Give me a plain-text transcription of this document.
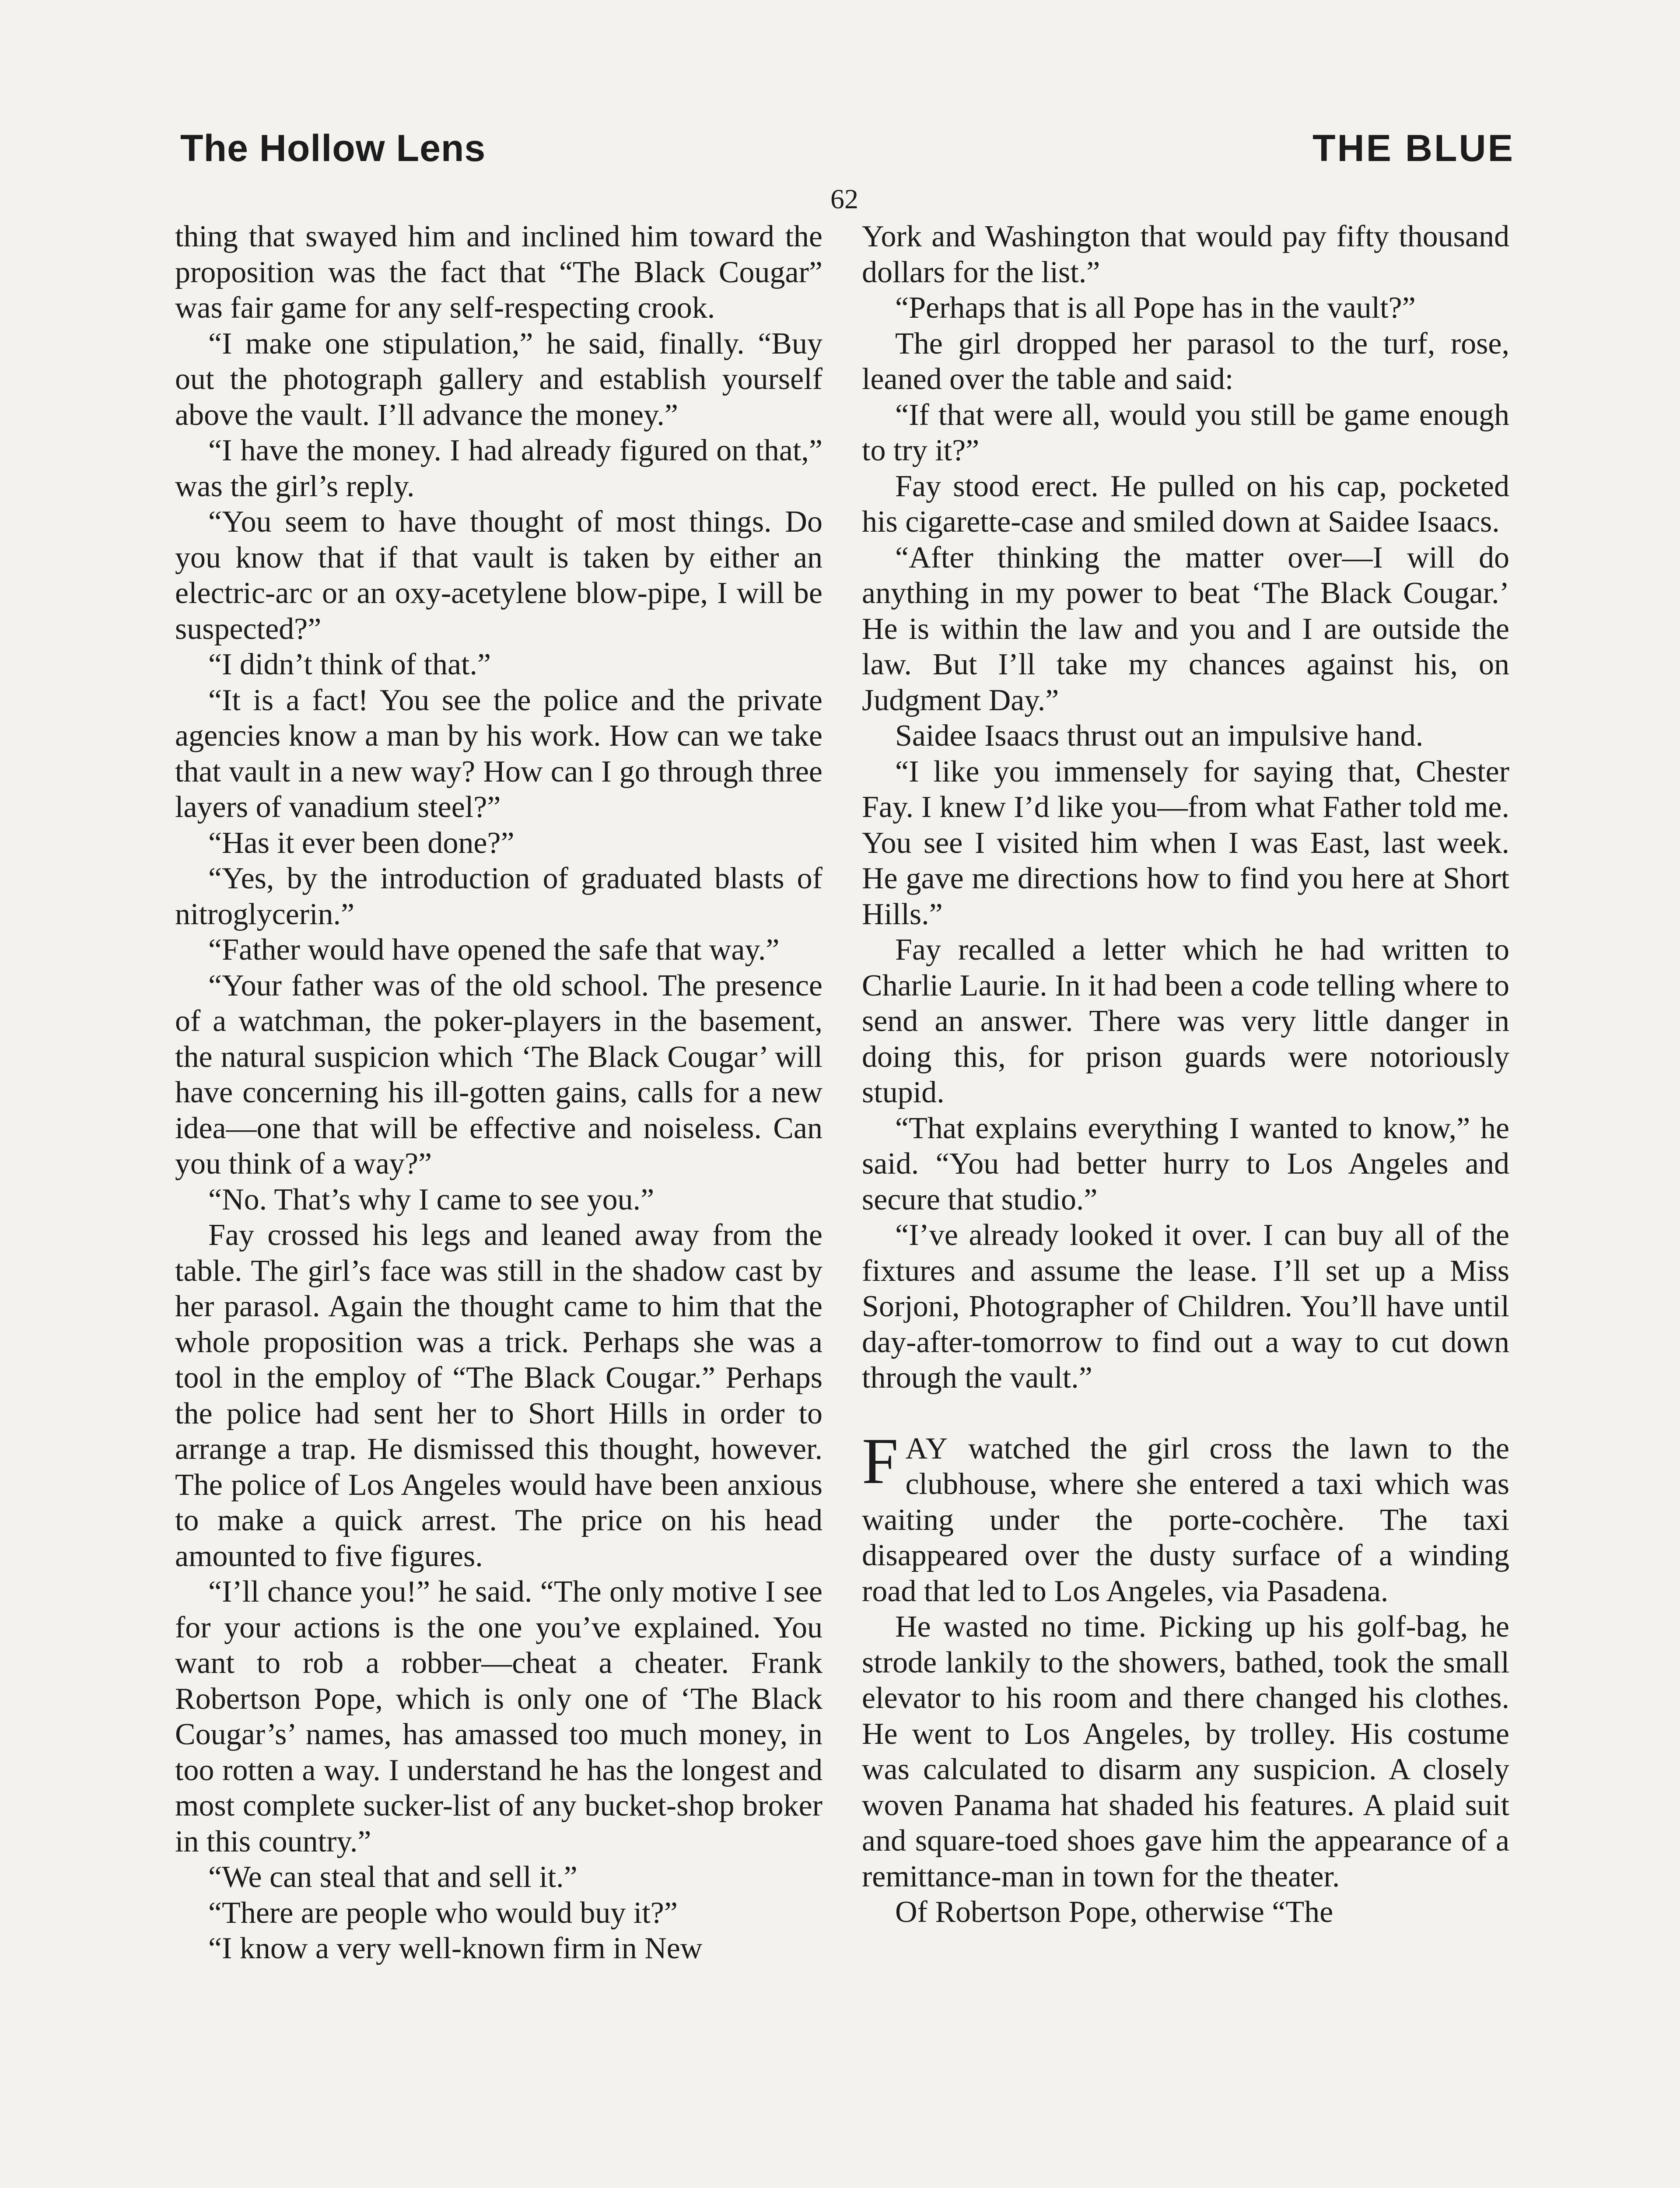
The Hollow Lens	THE BLUE
62

thing that swayed him and inclined him toward the proposition was the fact that “The Black Cougar” was fair game for any self-respecting crook.

“I make one stipulation,” he said, finally. “Buy out the photograph gallery and establish yourself above the vault. I’ll advance the money.”

“I have the money. I had already figured on that,” was the girl’s reply.

“You seem to have thought of most things. Do you know that if that vault is taken by either an electric-arc or an oxy-acetylene blow-pipe, I will be suspected?”

“I didn’t think of that.”

“It is a fact! You see the police and the private agencies know a man by his work. How can we take that vault in a new way? How can I go through three layers of vanadium steel?”

“Has it ever been done?”

“Yes, by the introduction of graduated blasts of nitroglycerin.”

“Father would have opened the safe that way.”

“Your father was of the old school. The presence of a watchman, the poker-players in the basement, the natural suspicion which ‘The Black Cougar’ will have concerning his ill-gotten gains, calls for a new idea—one that will be effective and noiseless. Can you think of a way?”

“No. That’s why I came to see you.”

Fay crossed his legs and leaned away from the table. The girl’s face was still in the shadow cast by her parasol. Again the thought came to him that the whole proposition was a trick. Perhaps she was a tool in the employ of “The Black Cougar.” Perhaps the police had sent her to Short Hills in order to arrange a trap. He dismissed this thought, however. The police of Los Angeles would have been anxious to make a quick arrest. The price on his head amounted to five figures.

“I’ll chance you!” he said. “The only motive I see for your actions is the one you’ve explained. You want to rob a robber—cheat a cheater. Frank Robertson Pope, which is only one of ‘The Black Cougar’s’ names, has amassed too much money, in too rotten a way. I understand he has the longest and most complete sucker-list of any bucket-shop broker in this country.”

“We can steal that and sell it.”

“There are people who would buy it?”

“I know a very well-known firm in New

York and Washington that would pay fifty thousand dollars for the list.”

“Perhaps that is all Pope has in the vault?”

The girl dropped her parasol to the turf, rose, leaned over the table and said:

“If that were all, would you still be game enough to try it?”

Fay stood erect. He pulled on his cap, pocketed his cigarette-case and smiled down at Saidee Isaacs.

“After thinking the matter over—I will do anything in my power to beat ‘The Black Cougar.’ He is within the law and you and I are outside the law. But I’ll take my chances against his, on Judgment Day.”

Saidee Isaacs thrust out an impulsive hand.

“I like you immensely for saying that, Chester Fay. I knew I’d like you—from what Father told me. You see I visited him when I was East, last week. He gave me directions how to find you here at Short Hills.”

Fay recalled a letter which he had written to Charlie Laurie. In it had been a code telling where to send an answer. There was very little danger in doing this, for prison guards were notoriously stupid.

“That explains everything I wanted to know,” he said. “You had better hurry to Los Angeles and secure that studio.”

“I’ve already looked it over. I can buy all of the fixtures and assume the lease. I’ll set up a Miss Sorjoni, Photographer of Children. You’ll have until day-after-tomorrow to find out a way to cut down through the vault.”

FAY watched the girl cross the lawn to the clubhouse, where she entered a taxi which was waiting under the porte-cochère. The taxi disappeared over the dusty surface of a winding road that led to Los Angeles, via Pasadena.

He wasted no time. Picking up his golf-bag, he strode lankily to the showers, bathed, took the small elevator to his room and there changed his clothes. He went to Los Angeles, by trolley. His costume was calculated to disarm any suspicion. A closely woven Panama hat shaded his features. A plaid suit and square-toed shoes gave him the appearance of a remittance-man in town for the theater.

Of Robertson Pope, otherwise “The
